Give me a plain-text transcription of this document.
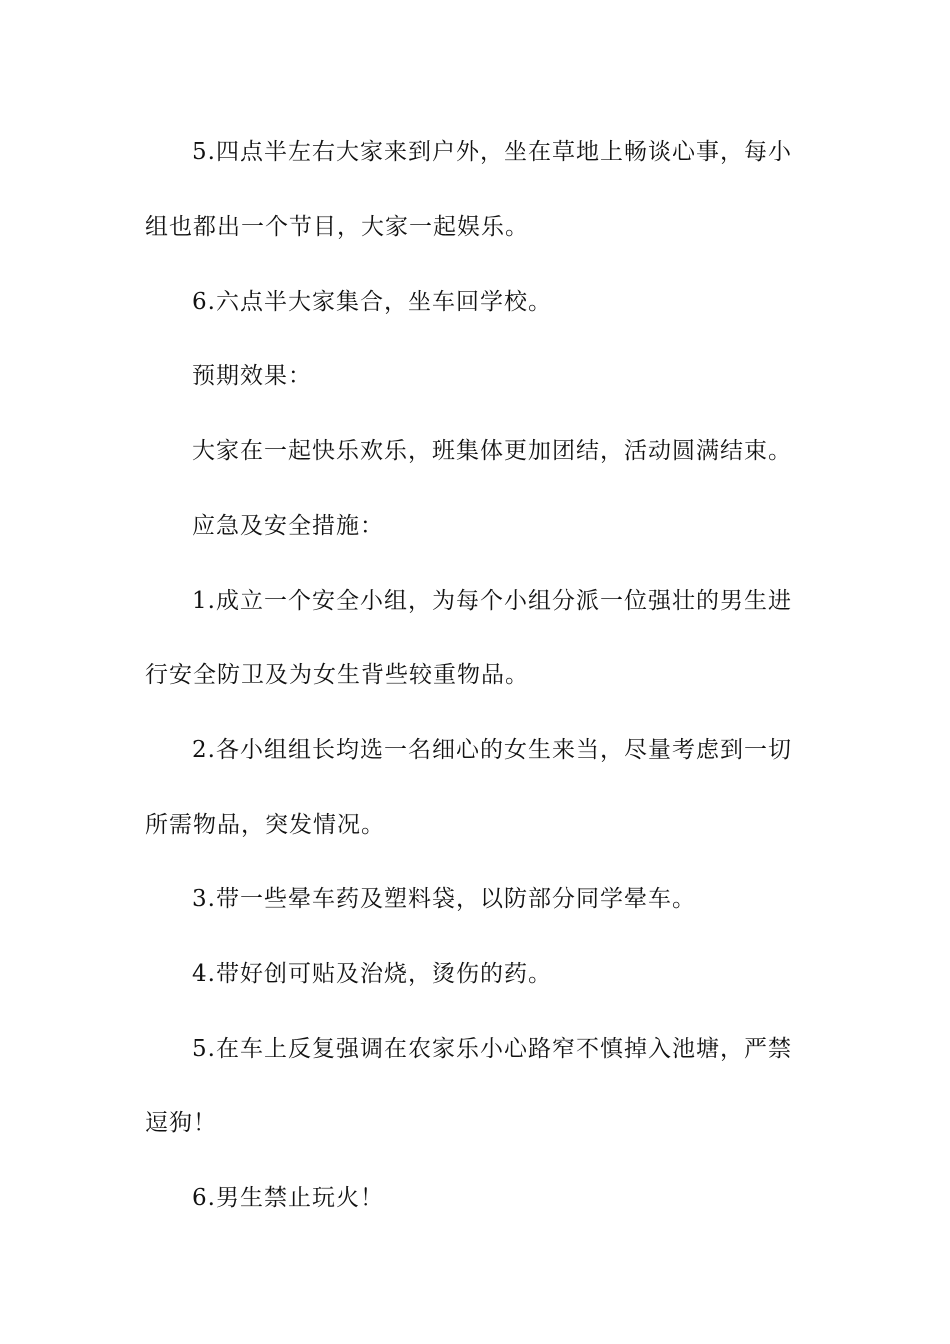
5.四点半左右大家来到户外，坐在草地上畅谈心事，每小
组也都出一个节目，大家一起娱乐。
6.六点半大家集合，坐车回学校。
预期效果：
大家在一起快乐欢乐，班集体更加团结，活动圆满结束。
应急及安全措施：
1.成立一个安全小组，为每个小组分派一位强壮的男生进
行安全防卫及为女生背些较重物品。
2.各小组组长均选一名细心的女生来当，尽量考虑到一切
所需物品，突发情况。
3.带一些晕车药及塑料袋，以防部分同学晕车。
4.带好创可贴及治烧，烫伤的药。
5.在车上反复强调在农家乐小心路窄不慎掉入池塘，严禁
逗狗！
6.男生禁止玩火！
